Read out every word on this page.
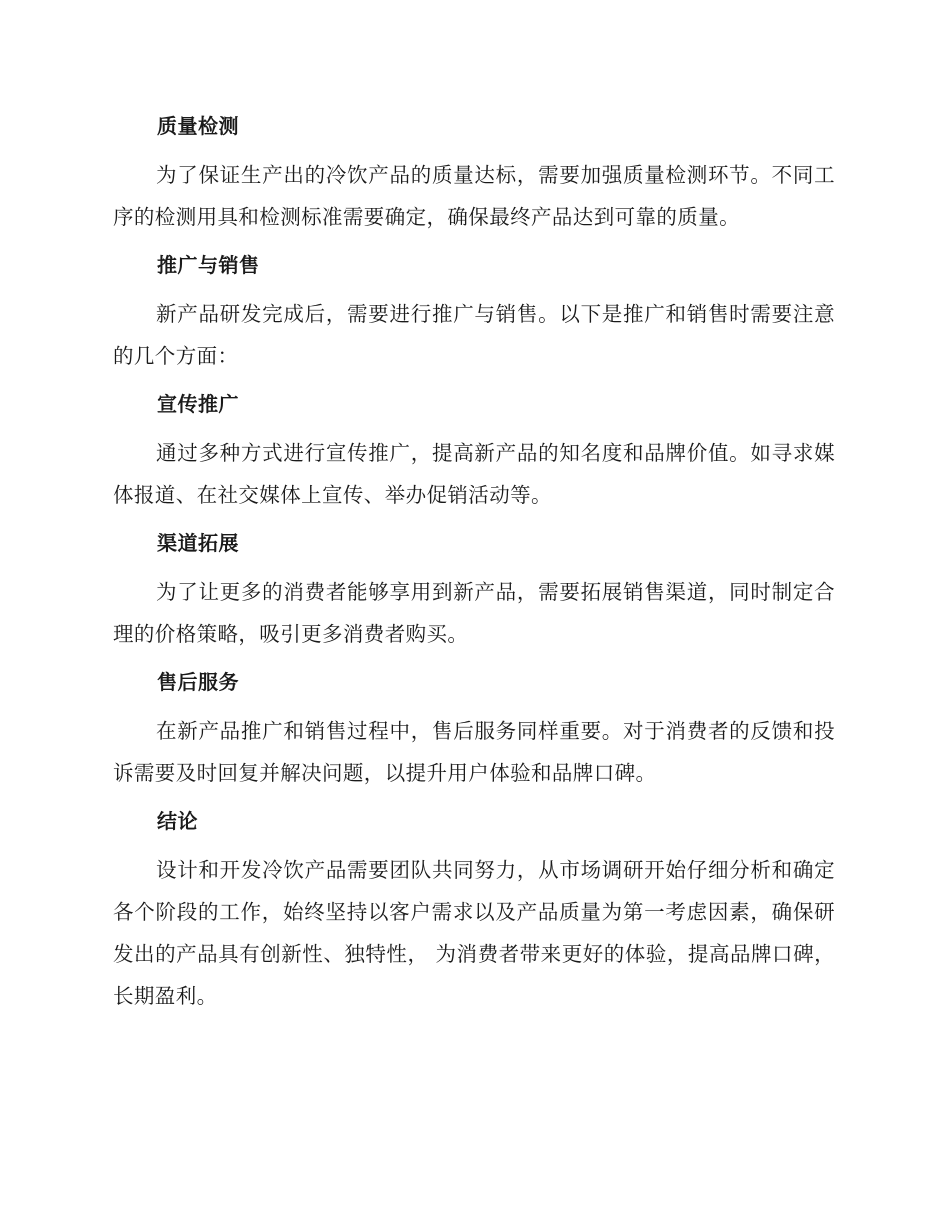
质量检测

为了保证生产出的冷饮产品的质量达标，需要加强质量检测环节。不同工序的检测用具和检测标准需要确定，确保最终产品达到可靠的质量。

推广与销售

新产品研发完成后，需要进行推广与销售。以下是推广和销售时需要注意的几个方面：

宣传推广

通过多种方式进行宣传推广，提高新产品的知名度和品牌价值。如寻求媒体报道、在社交媒体上宣传、举办促销活动等。

渠道拓展

为了让更多的消费者能够享用到新产品，需要拓展销售渠道，同时制定合理的价格策略，吸引更多消费者购买。

售后服务

在新产品推广和销售过程中，售后服务同样重要。对于消费者的反馈和投诉需要及时回复并解决问题，以提升用户体验和品牌口碑。

结论

设计和开发冷饮产品需要团队共同努力，从市场调研开始仔细分析和确定各个阶段的工作，始终坚持以客户需求以及产品质量为第一考虑因素，确保研发出的产品具有创新性、独特性， 为消费者带来更好的体验，提高品牌口碑，长期盈利。
